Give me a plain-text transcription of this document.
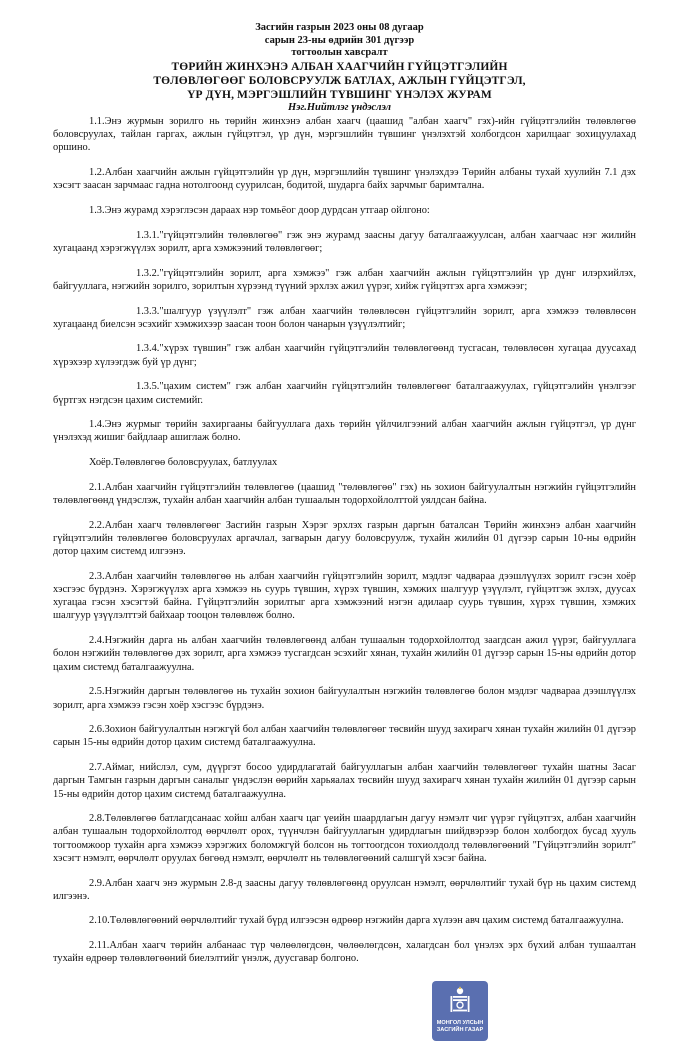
Засгийн газрын 2023 оны 08 дугаар
сарын 23-ны өдрийн 301 дүгээр
тогтоолын хавсралт
ТӨРИЙН ЖИНХЭНЭ АЛБАН ХААГЧИЙН ГҮЙЦЭТГЭЛИЙН
ТӨЛӨВЛӨГӨӨГ БОЛОВСРУУЛЖ БАТЛАХ, АЖЛЫН ГҮЙЦЭТГЭЛ,
ҮР ДҮН, МЭРГЭШЛИЙН ТҮВШИНГ ҮНЭЛЭХ ЖУРАМ
Нэг.Нийтлэг үндэслэл

1.1.Энэ журмын зорилго нь төрийн жинхэнэ албан хаагч (цаашид "албан хаагч" гэх)-ийн гүйцэтгэлийн төлөвлөгөө боловсруулах, тайлан гаргах, ажлын гүйцэтгэл, үр дүн, мэргэшлийн түвшинг үнэлэхтэй холбогдсон харилцааг зохицуулахад оршино.

1.2.Албан хаагчийн ажлын гүйцэтгэлийн үр дүн, мэргэшлийн түвшинг үнэлэхдээ Төрийн албаны тухай хуулийн 7.1 дэх хэсэгт заасан зарчмаас гадна нотолгоонд суурилсан, бодитой, шударга байх зарчмыг баримтална.

1.3.Энэ журамд хэрэглэсэн дараах нэр томьёог доор дурдсан утгаар ойлгоно:

1.3.1."гүйцэтгэлийн төлөвлөгөө" гэж энэ журамд заасны дагуу баталгаажуулсан, албан хаагчаас нэг жилийн хугацаанд хэрэгжүүлэх зорилт, арга хэмжээний төлөвлөгөөг;

1.3.2."гүйцэтгэлийн зорилт, арга хэмжээ" гэж албан хаагчийн ажлын гүйцэтгэлийн үр дүнг илэрхийлэх, байгууллага, нэгжийн зорилго, зорилтын хүрээнд түүний эрхлэх ажил үүрэг, хийж гүйцэтгэх арга хэмжээг;

1.3.3."шалгуур үзүүлэлт" гэж албан хаагчийн төлөвлөсөн гүйцэтгэлийн зорилт, арга хэмжээ төлөвлөсөн хугацаанд биелсэн эсэхийг хэмжихээр заасан тоон болон чанарын үзүүлэлтийг;

1.3.4."хүрэх түвшин" гэж албан хаагчийн гүйцэтгэлийн төлөвлөгөөнд тусгасан, төлөвлөсөн хугацаа дуусахад хүрэхээр хүлээгдэж буй үр дүнг;

1.3.5."цахим систем" гэж албан хаагчийн гүйцэтгэлийн төлөвлөгөөг баталгаажуулах, гүйцэтгэлийн үнэлгээг бүртгэх нэгдсэн цахим системийг.

1.4.Энэ журмыг төрийн захиргааны байгууллага дахь төрийн үйлчилгээний албан хаагчийн ажлын гүйцэтгэл, үр дүнг үнэлэхэд жишиг байдлаар ашиглаж болно.

Хоёр.Төлөвлөгөө боловсруулах, батлуулах

2.1.Албан хаагчийн гүйцэтгэлийн төлөвлөгөө (цаашид "төлөвлөгөө" гэх) нь зохион байгуулалтын нэгжийн гүйцэтгэлийн төлөвлөгөөнд үндэслэж, тухайн албан хаагчийн албан тушаалын тодорхойлолттой уялдсан байна.

2.2.Албан хаагч төлөвлөгөөг Засгийн газрын Хэрэг эрхлэх газрын даргын баталсан Төрийн жинхэнэ албан хаагчийн гүйцэтгэлийн төлөвлөгөө боловсруулах аргачлал, загварын дагуу боловсруулж, тухайн жилийн 01 дүгээр сарын 10-ны өдрийн дотор цахим системд илгээнэ.

2.3.Албан хаагчийн төлөвлөгөө нь албан хаагчийн гүйцэтгэлийн зорилт, мэдлэг чадвараа дээшлүүлэх зорилт гэсэн хоёр хэсгээс бүрдэнэ. Хэрэгжүүлэх арга хэмжээ нь суурь түвшин, хүрэх түвшин, хэмжих шалгуур үзүүлэлт, гүйцэтгэж эхлэх, дуусах хугацаа гэсэн хэсэгтэй байна. Гүйцэтгэлийн зорилтыг арга хэмжээний нэгэн адилаар суурь түвшин, хүрэх түвшин, хэмжих шалгуур үзүүлэлттэй байхаар тооцон төлөвлөж болно.

2.4.Нэгжийн дарга нь албан хаагчийн төлөвлөгөөнд албан тушаалын тодорхойлолтод заагдсан ажил үүрэг, байгууллага болон нэгжийн төлөвлөгөө дэх зорилт, арга хэмжээ тусгагдсан эсэхийг хянан, тухайн жилийн 01 дүгээр сарын 15-ны өдрийн дотор цахим системд баталгаажуулна.

2.5.Нэгжийн даргын төлөвлөгөө нь тухайн зохион байгуулалтын нэгжийн төлөвлөгөө болон мэдлэг чадвараа дээшлүүлэх зорилт, арга хэмжээ гэсэн хоёр хэсгээс бүрдэнэ.

2.6.Зохион байгуулалтын нэгжгүй бол албан хаагчийн төлөвлөгөөг төсвийн шууд захирагч хянан тухайн жилийн 01 дүгээр сарын 15-ны өдрийн дотор цахим системд баталгаажуулна.

2.7.Аймаг, нийслэл, сум, дүүргэт босоо удирдлагатай байгууллагын албан хаагчийн төлөвлөгөөг тухайн шатны Засаг даргын Тамгын газрын даргын саналыг үндэслэн өөрийн харьяалах төсвийн шууд захирагч хянан тухайн жилийн 01 дүгээр сарын 15-ны өдрийн дотор цахим системд баталгаажуулна.

2.8.Төлөвлөгөө батлагдсанаас хойш албан хаагч цаг үеийн шаардлагын дагуу нэмэлт чиг үүрэг гүйцэтгэх, албан хаагчийн албан тушаалын тодорхойлолтод өөрчлөлт орох, түүнчлэн байгууллагын удирдлагын шийдвэрээр болон холбогдох бусад хууль тогтоомжоор тухайн арга хэмжээ хэрэгжих боломжгүй болсон нь тогтоогдсон тохиолдолд төлөвлөгөөний "Гүйцэтгэлийн зорилт" хэсэгт нэмэлт, өөрчлөлт оруулах бөгөөд нэмэлт, өөрчлөлт нь төлөвлөгөөний салшгүй хэсэг байна.

2.9.Албан хаагч энэ журмын 2.8-д заасны дагуу төлөвлөгөөнд оруулсан нэмэлт, өөрчлөлтийг тухай бүр нь цахим системд илгээнэ.

2.10.Төлөвлөгөөний өөрчлөлтийг тухай бүрд илгээсэн өдрөөр нэгжийн дарга хүлээн авч цахим системд баталгаажуулна.

2.11.Албан хаагч төрийн албанаас түр чөлөөлөгдсөн, чөлөөлөгдсөн, халагдсан бол үнэлэх эрх бүхий албан тушаалтан тухайн өдрөөр төлөвлөгөөний биелэлтийг үнэлж, дуусгавар болгоно.

МОНГОЛ УЛСЫН
ЗАСГИЙН ГАЗАР
